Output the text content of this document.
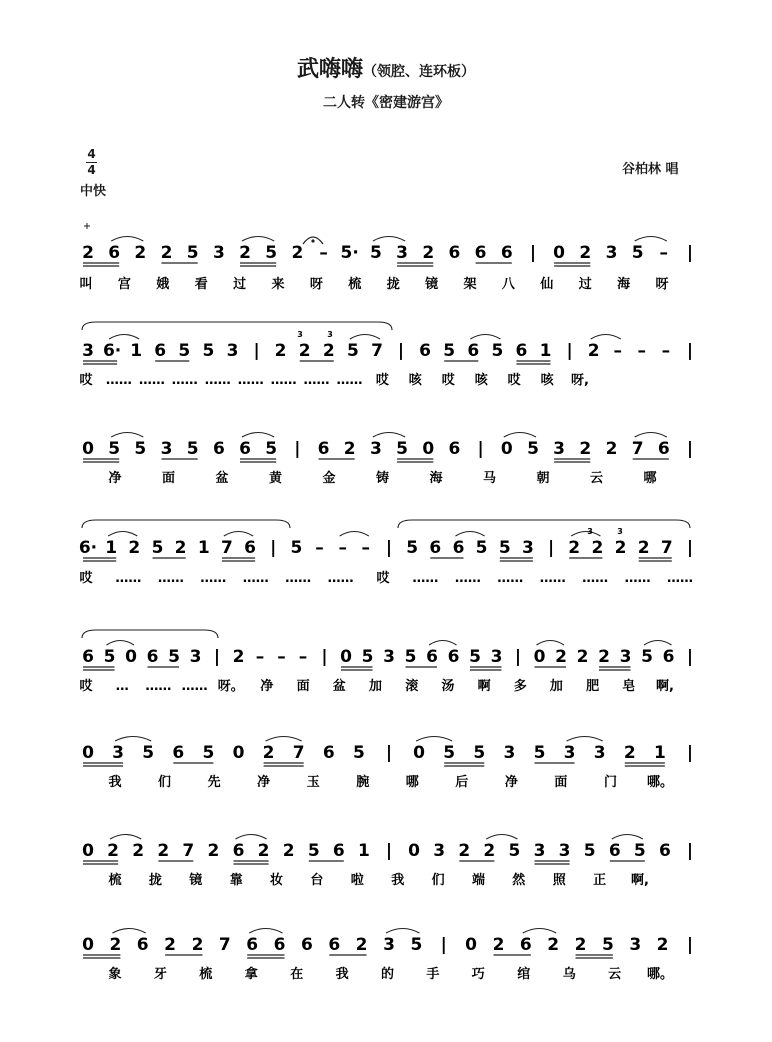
武嗨嗨（领腔、连环板）
二人转《密建游宫》
4
4
中快
谷柏林 唱
2 6 2 2 5 3 2 5 2 – 5· 5 3 2 6 6 6 | 0 2 3 5 – |
叫 宫 娥 看 过 来 呀 梳 拢 镜 架 八 仙 过 海 呀
3 6· 1 6 5 5 3 | 2 2 2 5 7 | 6 5 6 5 6 1 | 2 – – – |
哎 …… …… …… …… …… …… …… …… 哎 咳 哎 咳 哎 咳 呀,
0 5 5 3 5 6 6 5 | 6 2 3 5 0 6 | 0 5 3 2 2 7 6 |
净	面	盆	黄	金	铸	海	马	朝	云	哪
6· 1 2 5 2 1 7 6 | 5 – – – | 5 6 6 5 5 3 | 2 2 2 2 7 |
哎 …… …… …… …… …… …… 哎 …… …… …… …… …… …… ……
6 5 0 6 5 3 | 2 – – – | 0 5 3 5 6 6 5 3 | 0 2 2 2 3 5 6 |
哎 … …… …… 呀。 净 面 盆 加 滚 汤 啊 多 加 肥 皂 啊,
0 3 5 6 5 0 2 7 6 5 | 0 5 5 3 5 3 3 2 1 |
我	们	先	净	玉	腕	哪	后	净	面	门 哪。
0 2 2 2 7 2 6 2 2 5 6 1 | 0 3 2 2 5 3 3 5 6 5 6 |
梳 拢 镜 靠 妆 台 啦 我 们 端 然 照 正 啊,
0 2 6 2 2 7 6 6 6 6 2 3 5 | 0 2 6 2 2 5 3 2 |
象 牙 梳 拿 在 我 的 手 巧 绾 乌 云 哪。
3	3
3	3
